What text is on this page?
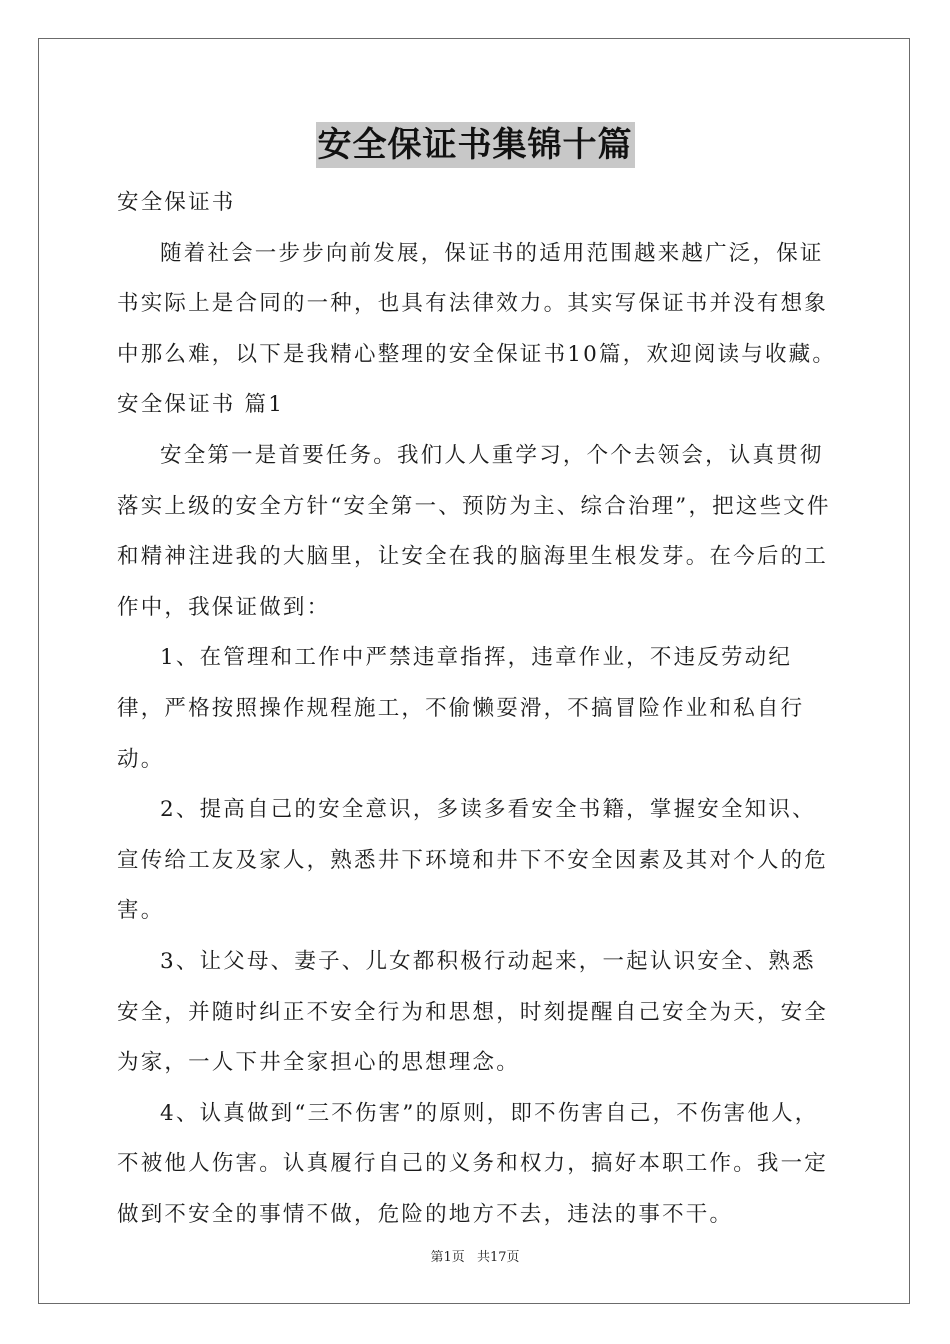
安全保证书集锦十篇

安全保证书

随着社会一步步向前发展，保证书的适用范围越来越广泛，保证书实际上是合同的一种，也具有法律效力。其实写保证书并没有想象中那么难，以下是我精心整理的安全保证书10篇，欢迎阅读与收藏。

安全保证书 篇1

安全第一是首要任务。我们人人重学习，个个去领会，认真贯彻落实上级的安全方针“安全第一、预防为主、综合治理”，把这些文件和精神注进我的大脑里，让安全在我的脑海里生根发芽。在今后的工作中，我保证做到：

1、在管理和工作中严禁违章指挥，违章作业，不违反劳动纪律，严格按照操作规程施工，不偷懒耍滑，不搞冒险作业和私自行动。

2、提高自己的安全意识，多读多看安全书籍，掌握安全知识、宣传给工友及家人，熟悉井下环境和井下不安全因素及其对个人的危害。

3、让父母、妻子、儿女都积极行动起来，一起认识安全、熟悉安全，并随时纠正不安全行为和思想，时刻提醒自己安全为天，安全为家，一人下井全家担心的思想理念。

4、认真做到“三不伤害”的原则，即不伤害自己，不伤害他人，不被他人伤害。认真履行自己的义务和权力，搞好本职工作。我一定做到不安全的事情不做，危险的地方不去，违法的事不干。

第1页 共17页
